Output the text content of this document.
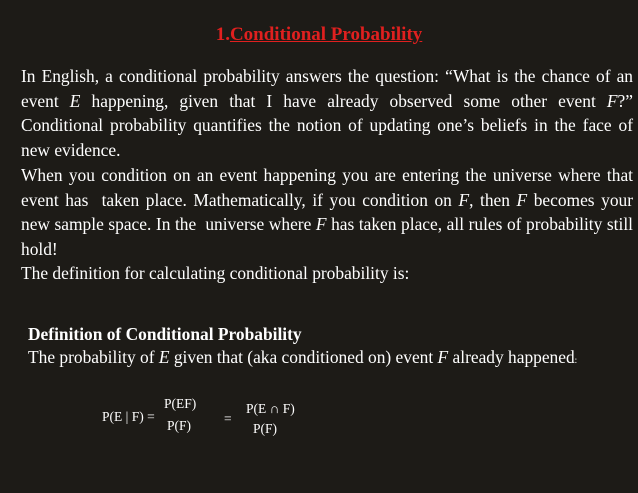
1.Conditional Probability

In English, a conditional probability answers the question: “What is the chance of an event E happening, given that I have already observed some other event F?” Conditional probability quantifies the notion of updating one’s beliefs in the face of new evidence.

When you condition on an event happening you are entering the universe where that event has  taken place. Mathematically, if you condition on F, then F becomes your new sample space. In the  universe where F has taken place, all rules of probability still hold!

The definition for calculating conditional probability is:

Definition of Conditional Probability
The probability of E given that (aka conditioned on) event F already happened:
P(E | F) =
P(EF)
P(F) =
P(E ∩ F)
P(F)
